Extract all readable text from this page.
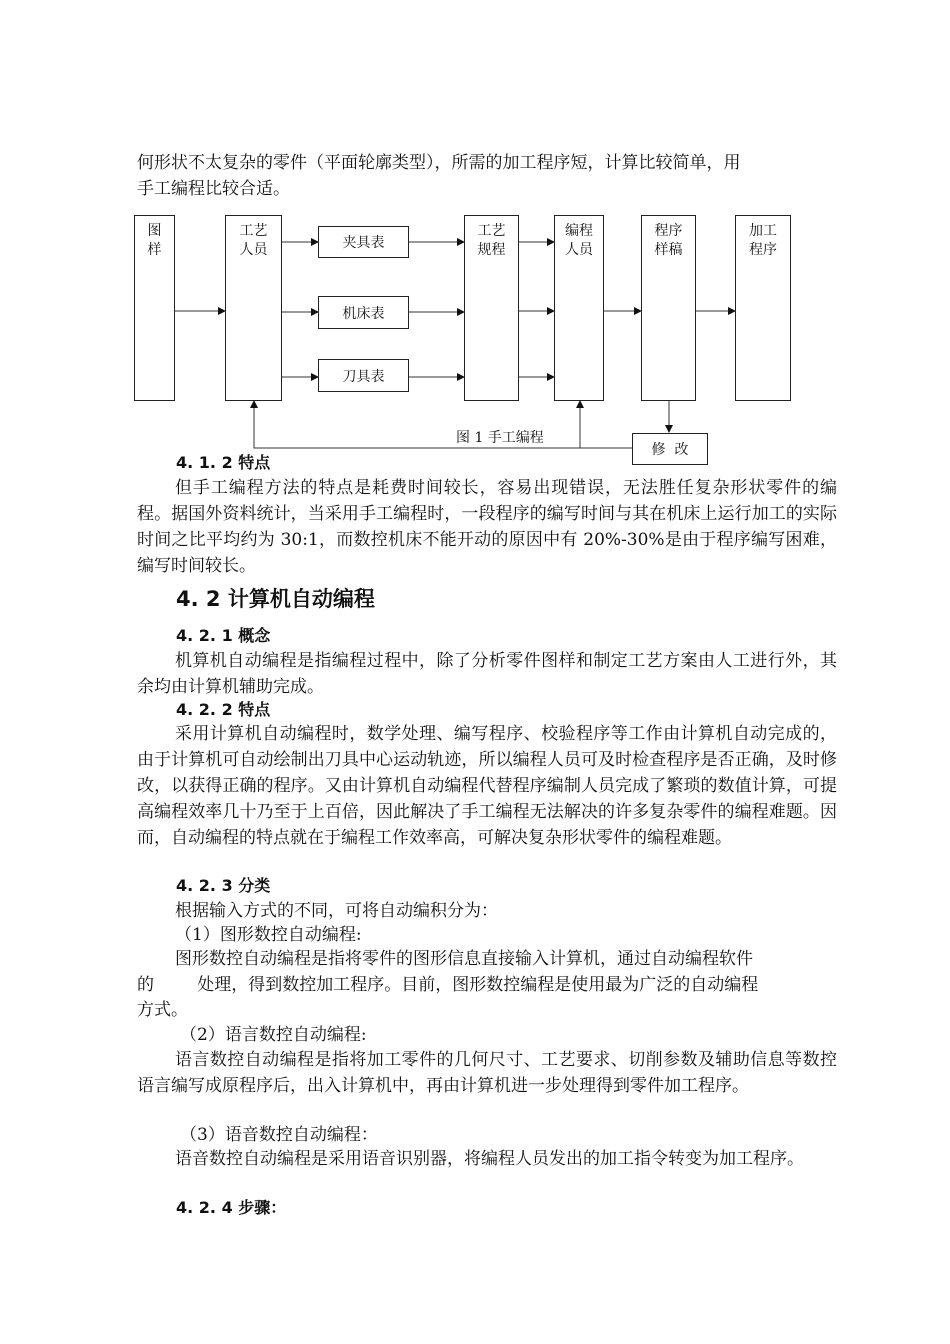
何形状不太复杂的零件（平面轮廓类型），所需的加工程序短，计算比较简单，用

手工编程比较合适。

图样
工艺人员	夹具表
机床表
刀具表
工艺规程
编程人员
程序样稿
加工程序
修  改
图 1 手工编程
4. 1. 2 特点

但手工编程方法的特点是耗费时间较长，容易出现错误，无法胜任复杂形状零件的编程。据国外资料统计，当采用手工编程时，一段程序的编写时间与其在机床上运行加工的实际时间之比平均约为 30:1，而数控机床不能开动的原因中有 20%-30%是由于程序编写困难，编写时间较长。

4. 2 计算机自动编程
4. 2. 1 概念

机算机自动编程是指编程过程中，除了分析零件图样和制定工艺方案由人工进行外，其余均由计算机辅助完成。

4. 2. 2 特点

采用计算机自动编程时，数学处理、编写程序、校验程序等工作由计算机自动完成的，由于计算机可自动绘制出刀具中心运动轨迹，所以编程人员可及时检查程序是否正确，及时修改，以获得正确的程序。又由计算机自动编程代替程序编制人员完成了繁琐的数值计算，可提高编程效率几十乃至于上百倍，因此解决了手工编程无法解决的许多复杂零件的编程难题。因而，自动编程的特点就在于编程工作效率高，可解决复杂形状零件的编程难题。

4. 2. 3 分类

根据输入方式的不同，可将自动编积分为：

（1）图形数控自动编程:

图形数控自动编程是指将零件的图形信息直接输入计算机，通过自动编程软件

的        处理，得到数控加工程序。目前，图形数控编程是使用最为广泛的自动编程

方式。

（2）语言数控自动编程:

语言数控自动编程是指将加工零件的几何尺寸、工艺要求、切削参数及辅助信息等数控语言编写成原程序后，出入计算机中，再由计算机进一步处理得到零件加工程序。

（3）语音数控自动编程：

语音数控自动编程是采用语音识别器，将编程人员发出的加工指令转变为加工程序。

4. 2. 4 步骤：
